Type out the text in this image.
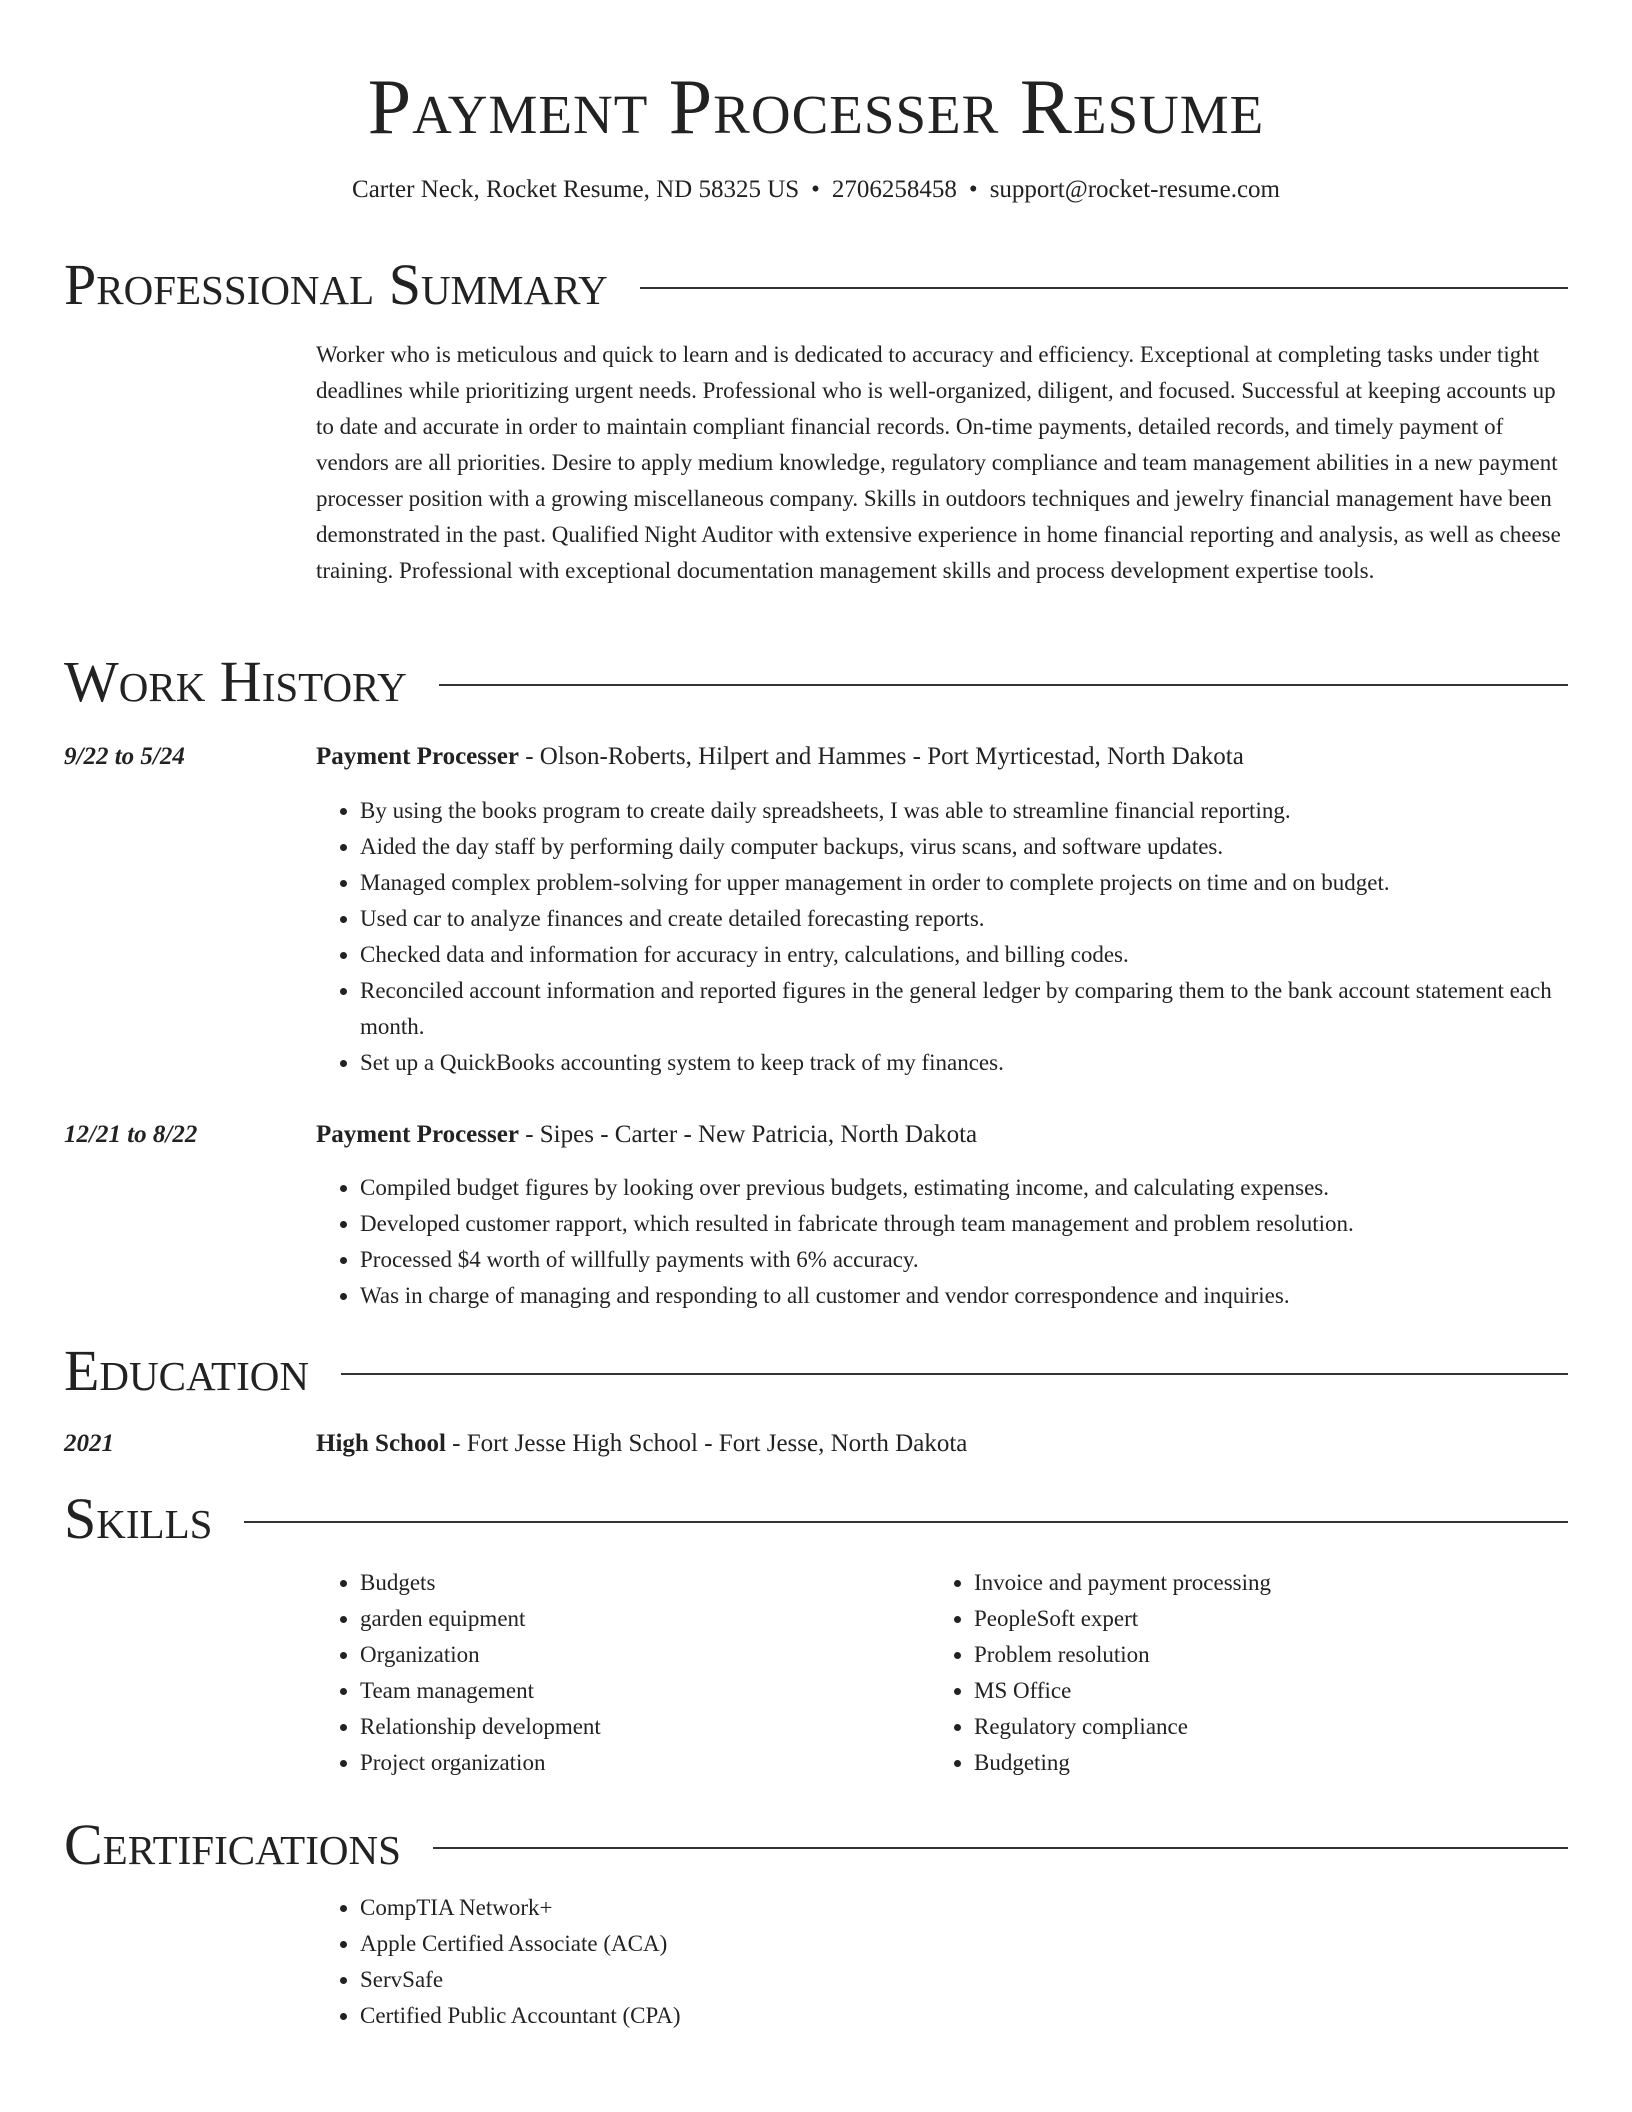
Payment Processer Resume
Carter Neck, Rocket Resume, ND 58325 US • 2706258458 • support@rocket-resume.com
Professional Summary

Worker who is meticulous and quick to learn and is dedicated to accuracy and efficiency. Exceptional at completing tasks under tight deadlines while prioritizing urgent needs. Professional who is well-organized, diligent, and focused. Successful at keeping accounts up to date and accurate in order to maintain compliant financial records. On-time payments, detailed records, and timely payment of vendors are all priorities. Desire to apply medium knowledge, regulatory compliance and team management abilities in a new payment processer position with a growing miscellaneous company. Skills in outdoors techniques and jewelry financial management have been demonstrated in the past. Qualified Night Auditor with extensive experience in home financial reporting and analysis, as well as cheese training. Professional with exceptional documentation management skills and process development expertise tools.

Work History
9/22 to 5/24	Payment Processer - Olson-Roberts, Hilpert and Hammes - Port Myrticestad, North Dakota
• By using the books program to create daily spreadsheets, I was able to streamline financial reporting.
• Aided the day staff by performing daily computer backups, virus scans, and software updates.
• Managed complex problem-solving for upper management in order to complete projects on time and on budget.
• Used car to analyze finances and create detailed forecasting reports.
• Checked data and information for accuracy in entry, calculations, and billing codes.
• Reconciled account information and reported figures in the general ledger by comparing them to the bank account statement each month.
• Set up a QuickBooks accounting system to keep track of my finances.
12/21 to 8/22	Payment Processer - Sipes - Carter - New Patricia, North Dakota
• Compiled budget figures by looking over previous budgets, estimating income, and calculating expenses.
• Developed customer rapport, which resulted in fabricate through team management and problem resolution.
• Processed $4 worth of willfully payments with 6% accuracy.
• Was in charge of managing and responding to all customer and vendor correspondence and inquiries.
Education
2021	High School - Fort Jesse High School - Fort Jesse, North Dakota
Skills
• Budgets
• garden equipment
• Organization
• Team management
• Relationship development
• Project organization
• Invoice and payment processing
• PeopleSoft expert
• Problem resolution
• MS Office
• Regulatory compliance
• Budgeting
Certifications
• CompTIA Network+
• Apple Certified Associate (ACA)
• ServSafe
• Certified Public Accountant (CPA)
